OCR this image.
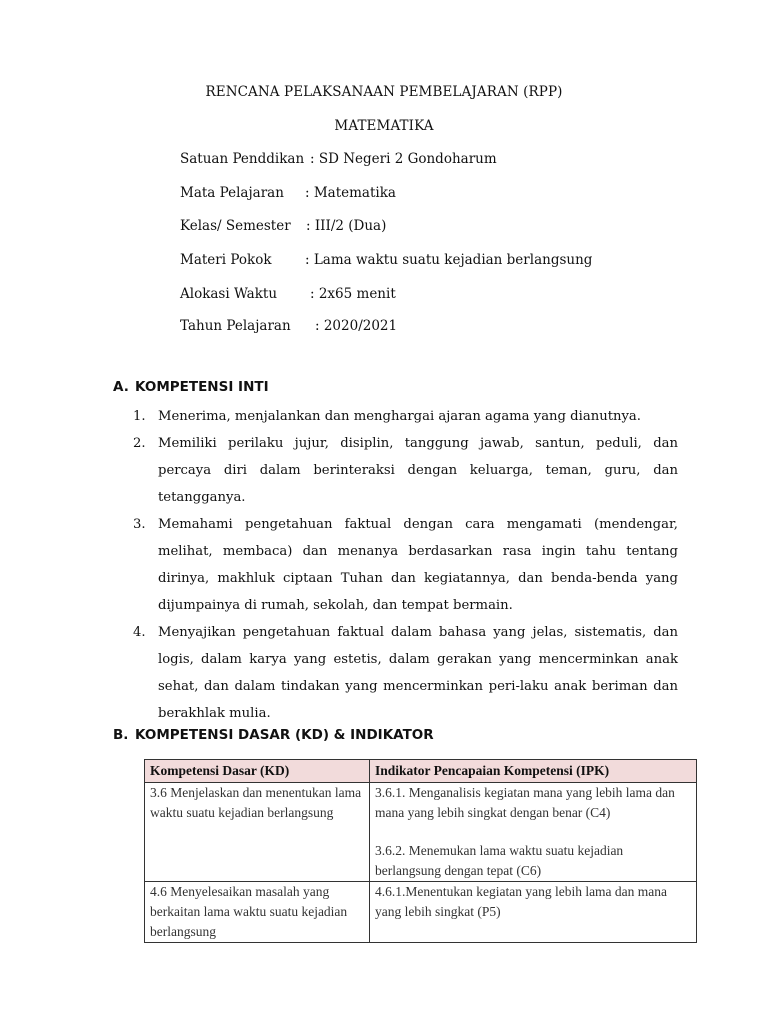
RENCANA PELAKSANAAN PEMBELAJARAN (RPP)
MATEMATIKA
Satuan Penddikan : SD Negeri 2 Gondoharum
Mata Pelajaran : Matematika
Kelas/ Semester : III/2 (Dua)
Materi Pokok : Lama waktu suatu kejadian berlangsung
Alokasi Waktu : 2x65 menit
Tahun Pelajaran : 2020/2021
A. KOMPETENSI INTI
1. Menerima, menjalankan dan menghargai ajaran agama yang dianutnya.
2. Memiliki perilaku jujur, disiplin, tanggung jawab, santun, peduli, dan percaya diri dalam berinteraksi dengan keluarga, teman, guru, dan tetangganya.
3. Memahami pengetahuan faktual dengan cara mengamati (mendengar, melihat, membaca) dan menanya berdasarkan rasa ingin tahu tentang dirinya, makhluk ciptaan Tuhan dan kegiatannya, dan benda-benda yang dijumpainya di rumah, sekolah, dan tempat bermain.
4. Menyajikan pengetahuan faktual dalam bahasa yang jelas, sistematis, dan logis, dalam karya yang estetis, dalam gerakan yang mencerminkan anak sehat, dan dalam tindakan yang mencerminkan peri-laku anak beriman dan berakhlak mulia.
B. KOMPETENSI DASAR (KD) & INDIKATOR
Kompetensi Dasar (KD)	Indikator Pencapaian Kompetensi (IPK)

3.6 Menjelaskan dan menentukan lama waktu suatu kejadian berlangsung	3.6.1. Menganalisis kegiatan mana yang lebih lama dan mana yang lebih singkat dengan benar (C4)
3.6.2. Menemukan lama waktu suatu kejadian berlangsung dengan tepat (C6)

4.6 Menyelesaikan masalah yang berkaitan lama waktu suatu kejadian berlangsung	4.6.1.Menentukan kegiatan yang lebih lama dan mana yang lebih singkat (P5)
